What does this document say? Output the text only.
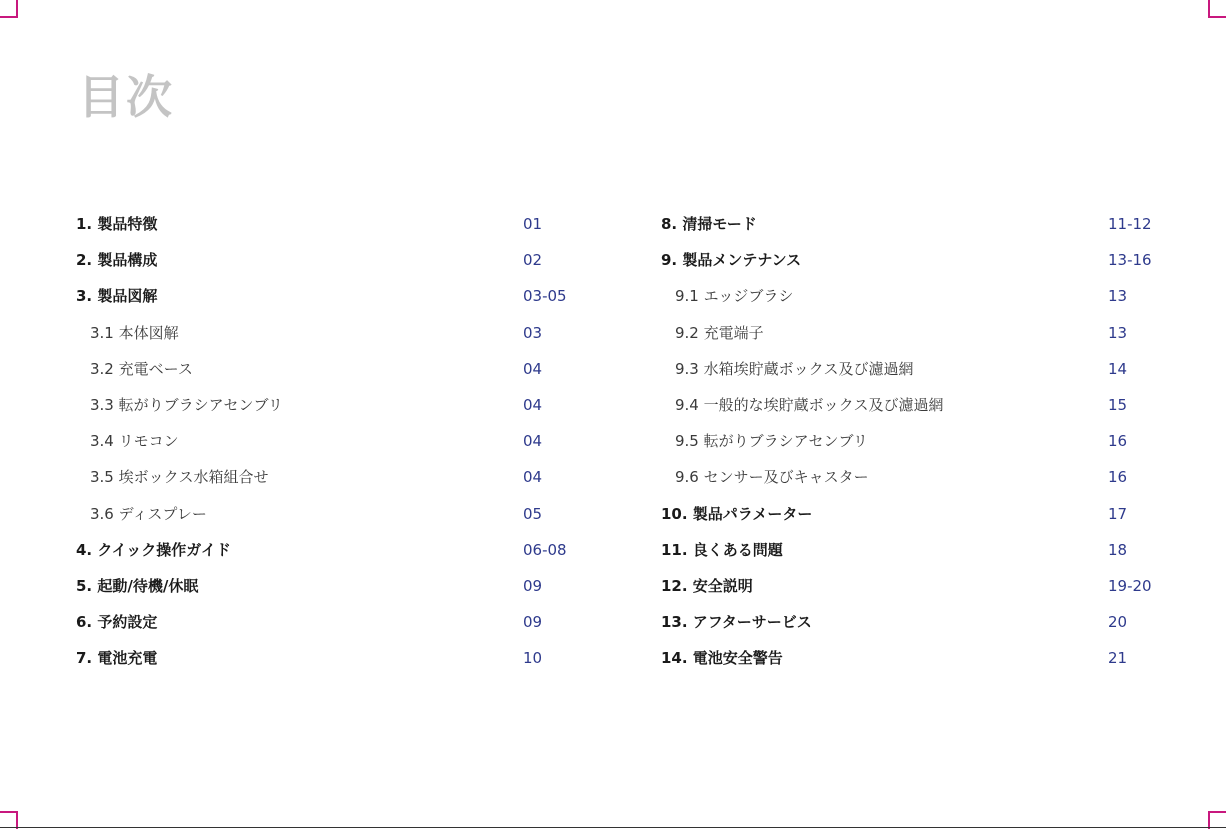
目次
1. 製品特徴	01
2. 製品構成	02
3. 製品図解	03-05
3.1 本体図解	03
3.2 充電ベース	04
3.3 転がりブラシアセンブリ	04
3.4 リモコン	04
3.5 埃ボックス水箱組合せ	04
3.6 ディスプレー	05
4. クイック操作ガイド	06-08
5. 起動/待機/休眠	09
6. 予約設定	09
7. 電池充電	10
8. 清掃モード	11-12
9. 製品メンテナンス	13-16
9.1 エッジブラシ	13
9.2 充電端子	13
9.3 水箱埃貯蔵ボックス及び濾過網	14
9.4 一般的な埃貯蔵ボックス及び濾過網	15
9.5 転がりブラシアセンブリ	16
9.6 センサー及びキャスター	16
10. 製品パラメーター	17
11. 良くある問題	18
12. 安全説明	19-20
13. アフターサービス	20
14. 電池安全警告	21
